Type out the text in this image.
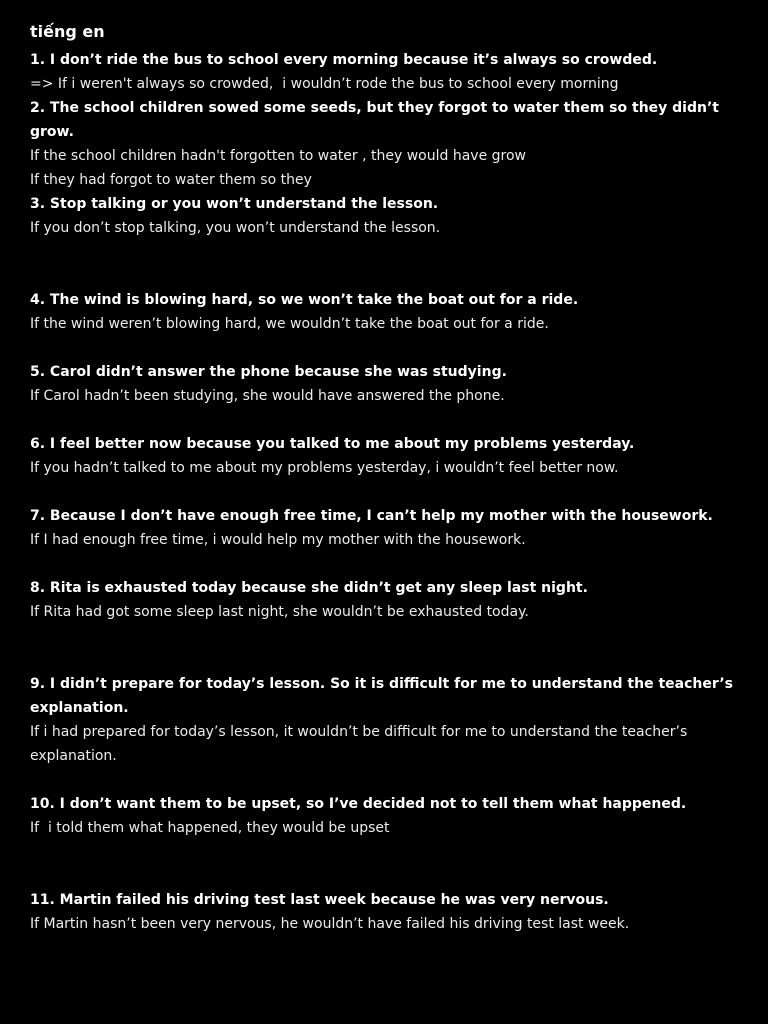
tiếng en
1. I don’t ride the bus to school every morning because it’s always so crowded.
=> If i weren't always so crowded,  i wouldn’t rode the bus to school every morning
2. The school children sowed some seeds, but they forgot to water them so they didn’t grow.
If the school children hadn't forgotten to water , they would have grow
If they had forgot to water them so they
3. Stop talking or you won’t understand the lesson.
If you don’t stop talking, you won’t understand the lesson.
4. The wind is blowing hard, so we won’t take the boat out for a ride.
If the wind weren’t blowing hard, we wouldn’t take the boat out for a ride.
5. Carol didn’t answer the phone because she was studying.
If Carol hadn’t been studying, she would have answered the phone.
6. I feel better now because you talked to me about my problems yesterday.
If you hadn’t talked to me about my problems yesterday, i wouldn’t feel better now.
7. Because I don’t have enough free time, I can’t help my mother with the housework.
If I had enough free time, i would help my mother with the housework.
8. Rita is exhausted today because she didn’t get any sleep last night.
If Rita had got some sleep last night, she wouldn’t be exhausted today.
9. I didn’t prepare for today’s lesson. So it is difficult for me to understand the teacher’s explanation.
If i had prepared for today’s lesson, it wouldn’t be difficult for me to understand the teacher’s explanation.
10. I don’t want them to be upset, so I’ve decided not to tell them what happened.
If  i told them what happened, they would be upset
11. Martin failed his driving test last week because he was very nervous.
If Martin hasn’t been very nervous, he wouldn’t have failed his driving test last week.
